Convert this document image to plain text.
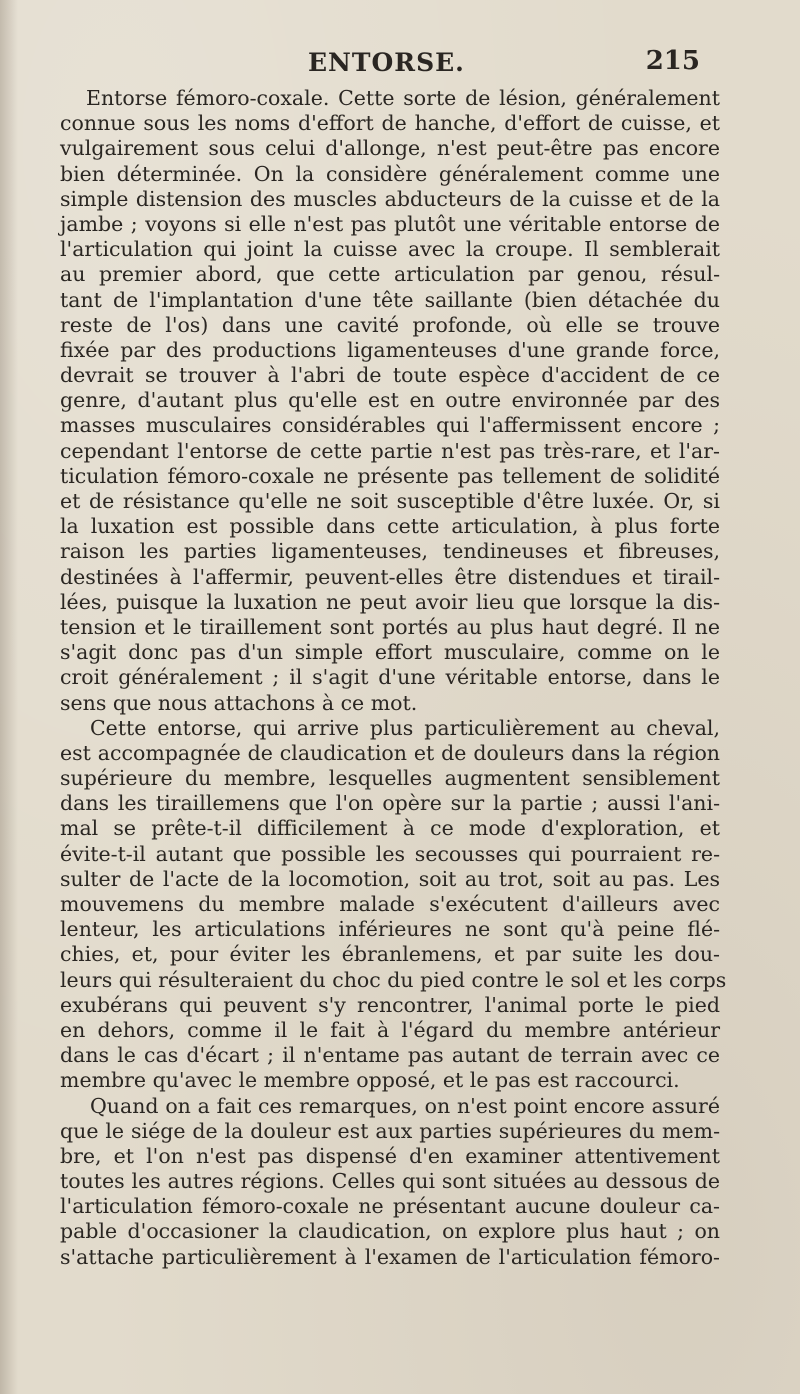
ENTORSE.	215
Entorse fémoro-coxale. Cette sorte de lésion, généralement
connue sous les noms d'effort de hanche, d'effort de cuisse, et
vulgairement sous celui d'allonge, n'est peut-être pas encore
bien déterminée. On la considère généralement comme une
simple distension des muscles abducteurs de la cuisse et de la
jambe ; voyons si elle n'est pas plutôt une véritable entorse de
l'articulation qui joint la cuisse avec la croupe. Il semblerait
au premier abord, que cette articulation par genou, résul-
tant de l'implantation d'une tête saillante (bien détachée du
reste de l'os) dans une cavité profonde, où elle se trouve
fixée par des productions ligamenteuses d'une grande force,
devrait se trouver à l'abri de toute espèce d'accident de ce
genre, d'autant plus qu'elle est en outre environnée par des
masses musculaires considérables qui l'affermissent encore ;
cependant l'entorse de cette partie n'est pas très-rare, et l'ar-
ticulation fémoro-coxale ne présente pas tellement de solidité
et de résistance qu'elle ne soit susceptible d'être luxée. Or, si
la luxation est possible dans cette articulation, à plus forte
raison les parties ligamenteuses, tendineuses et fibreuses,
destinées à l'affermir, peuvent-elles être distendues et tirail-
lées, puisque la luxation ne peut avoir lieu que lorsque la dis-
tension et le tiraillement sont portés au plus haut degré. Il ne
s'agit donc pas d'un simple effort musculaire, comme on le
croit généralement ; il s'agit d'une véritable entorse, dans le
sens que nous attachons à ce mot.
Cette entorse, qui arrive plus particulièrement au cheval,
est accompagnée de claudication et de douleurs dans la région
supérieure du membre, lesquelles augmentent sensiblement
dans les tiraillemens que l'on opère sur la partie ; aussi l'ani-
mal se prête-t-il difficilement à ce mode d'exploration, et
évite-t-il autant que possible les secousses qui pourraient re-
sulter de l'acte de la locomotion, soit au trot, soit au pas. Les
mouvemens du membre malade s'exécutent d'ailleurs avec
lenteur, les articulations inférieures ne sont qu'à peine flé-
chies, et, pour éviter les ébranlemens, et par suite les dou-
leurs qui résulteraient du choc du pied contre le sol et les corps
exubérans qui peuvent s'y rencontrer, l'animal porte le pied
en dehors, comme il le fait à l'égard du membre antérieur
dans le cas d'écart ; il n'entame pas autant de terrain avec ce
membre qu'avec le membre opposé, et le pas est raccourci.
Quand on a fait ces remarques, on n'est point encore assuré
que le siége de la douleur est aux parties supérieures du mem-
bre, et l'on n'est pas dispensé d'en examiner attentivement
toutes les autres régions. Celles qui sont situées au dessous de
l'articulation fémoro-coxale ne présentant aucune douleur ca-
pable d'occasioner la claudication, on explore plus haut ; on
s'attache particulièrement à l'examen de l'articulation fémoro-
